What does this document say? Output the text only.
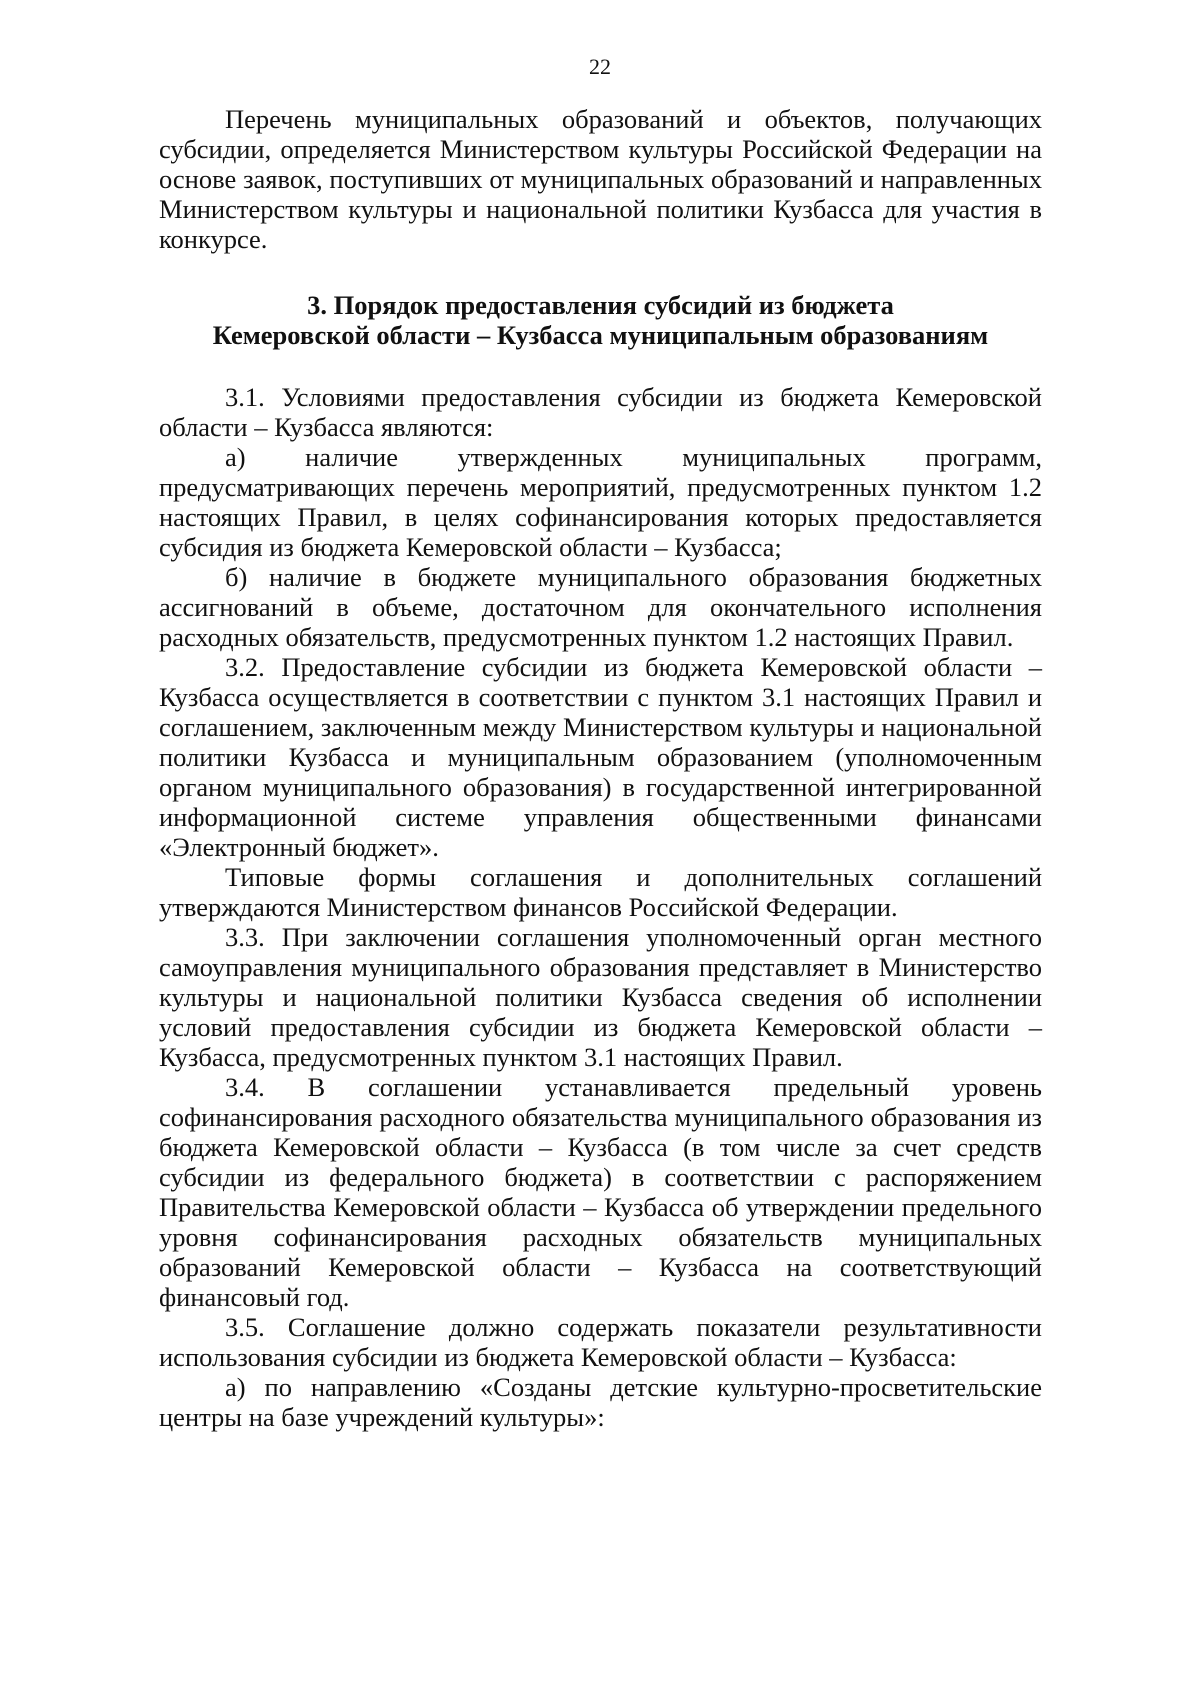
22

Перечень муниципальных образований и объектов, получающих субсидии, определяется Министерством культуры Российской Федерации на основе заявок, поступивших от муниципальных образований и направленных Министерством культуры и национальной политики Кузбасса для участия в конкурсе.

3. Порядок предоставления субсидий из бюджета
Кемеровской области – Кузбасса муниципальным образованиям

3.1. Условиями предоставления субсидии из бюджета Кемеровской области – Кузбасса являются:

а) наличие утвержденных муниципальных программ, предусматривающих перечень мероприятий, предусмотренных пунктом 1.2 настоящих Правил, в целях софинансирования которых предоставляется субсидия из бюджета Кемеровской области – Кузбасса;

б) наличие в бюджете муниципального образования бюджетных ассигнований в объеме, достаточном для окончательного исполнения расходных обязательств, предусмотренных пунктом 1.2 настоящих Правил.

3.2. Предоставление субсидии из бюджета Кемеровской области – Кузбасса осуществляется в соответствии с пунктом 3.1 настоящих Правил и соглашением, заключенным между Министерством культуры и национальной политики Кузбасса и муниципальным образованием (уполномоченным органом муниципального образования) в государственной интегрированной информационной системе управления общественными финансами «Электронный бюджет».

Типовые формы соглашения и дополнительных соглашений утверждаются Министерством финансов Российской Федерации.

3.3. При заключении соглашения уполномоченный орган местного самоуправления муниципального образования представляет в Министерство культуры и национальной политики Кузбасса сведения об исполнении условий предоставления субсидии из бюджета Кемеровской области – Кузбасса, предусмотренных пунктом 3.1 настоящих Правил.

3.4. В соглашении устанавливается предельный уровень софинансирования расходного обязательства муниципального образования из бюджета Кемеровской области – Кузбасса (в том числе за счет средств субсидии из федерального бюджета) в соответствии с распоряжением Правительства Кемеровской области – Кузбасса об утверждении предельного уровня софинансирования расходных обязательств муниципальных образований Кемеровской области – Кузбасса на соответствующий финансовый год.

3.5. Соглашение должно содержать показатели результативности использования субсидии из бюджета Кемеровской области – Кузбасса:

а) по направлению «Созданы детские культурно-просветительские центры на базе учреждений культуры»:
